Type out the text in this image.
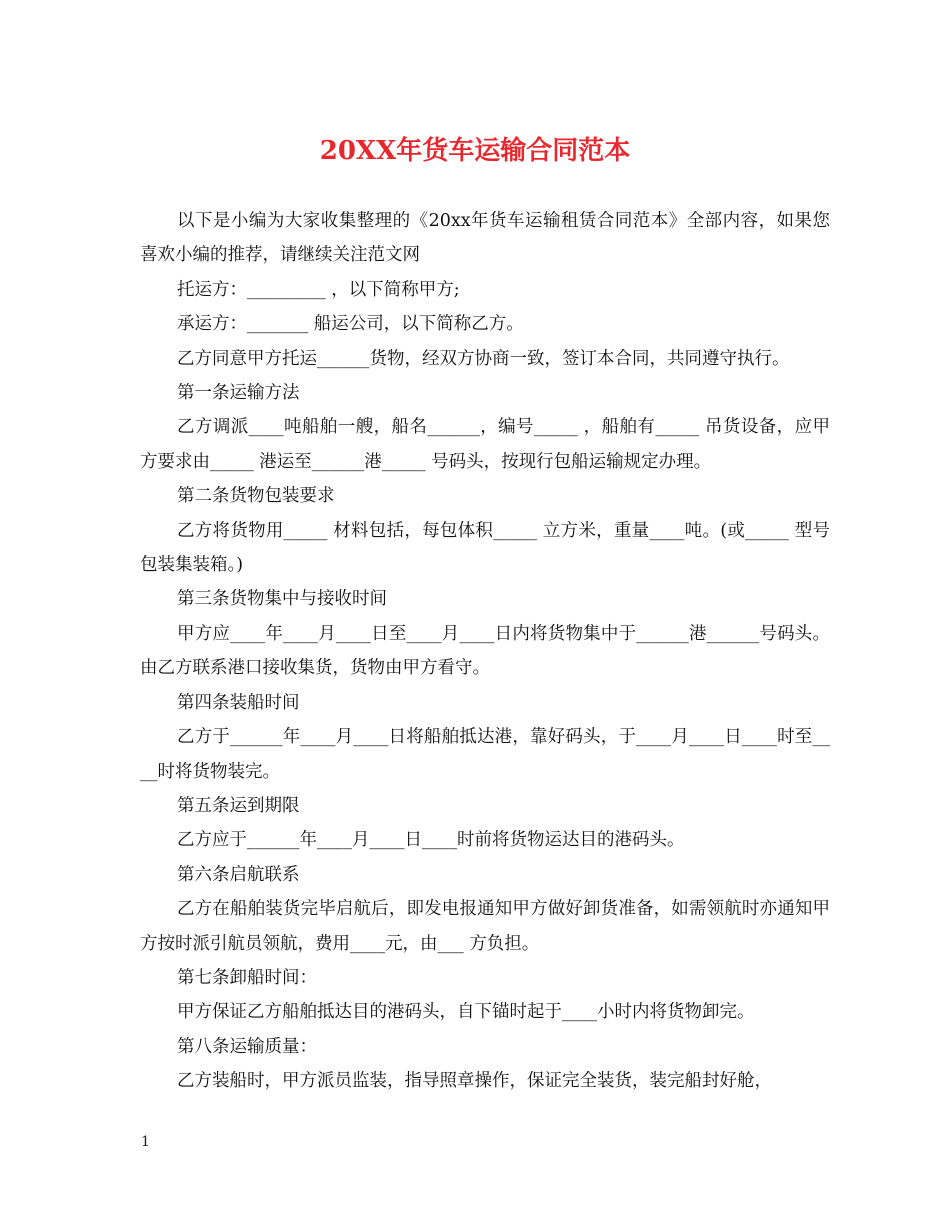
20XX年货车运输合同范本

以下是小编为大家收集整理的《20xx年货车运输租赁合同范本》全部内容，如果您喜欢小编的推荐，请继续关注范文网

托运方：_________ ，以下简称甲方;

承运方：_______ 船运公司，以下简称乙方。

乙方同意甲方托运______货物，经双方协商一致，签订本合同，共同遵守执行。

第一条运输方法

乙方调派____吨船舶一艘，船名______，编号_____ ，船舶有_____ 吊货设备，应甲方要求由_____ 港运至______港_____ 号码头，按现行包船运输规定办理。

第二条货物包装要求

乙方将货物用_____ 材料包括，每包体积_____ 立方米，重量____吨。(或_____ 型号包装集装箱。)

第三条货物集中与接收时间

甲方应____年____月____日至____月____日内将货物集中于______港______号码头。由乙方联系港口接收集货，货物由甲方看守。

第四条装船时间

乙方于______年____月____日将船舶抵达港，靠好码头，于____月____日____时至____时将货物装完。

第五条运到期限

乙方应于______年____月____日____时前将货物运达目的港码头。

第六条启航联系

乙方在船舶装货完毕启航后，即发电报通知甲方做好卸货准备，如需领航时亦通知甲方按时派引航员领航，费用____元，由___ 方负担。

第七条卸船时间：

甲方保证乙方船舶抵达目的港码头，自下锚时起于____小时内将货物卸完。

第八条运输质量：

乙方装船时，甲方派员监装，指导照章操作，保证完全装货，装完船封好舱，

1
